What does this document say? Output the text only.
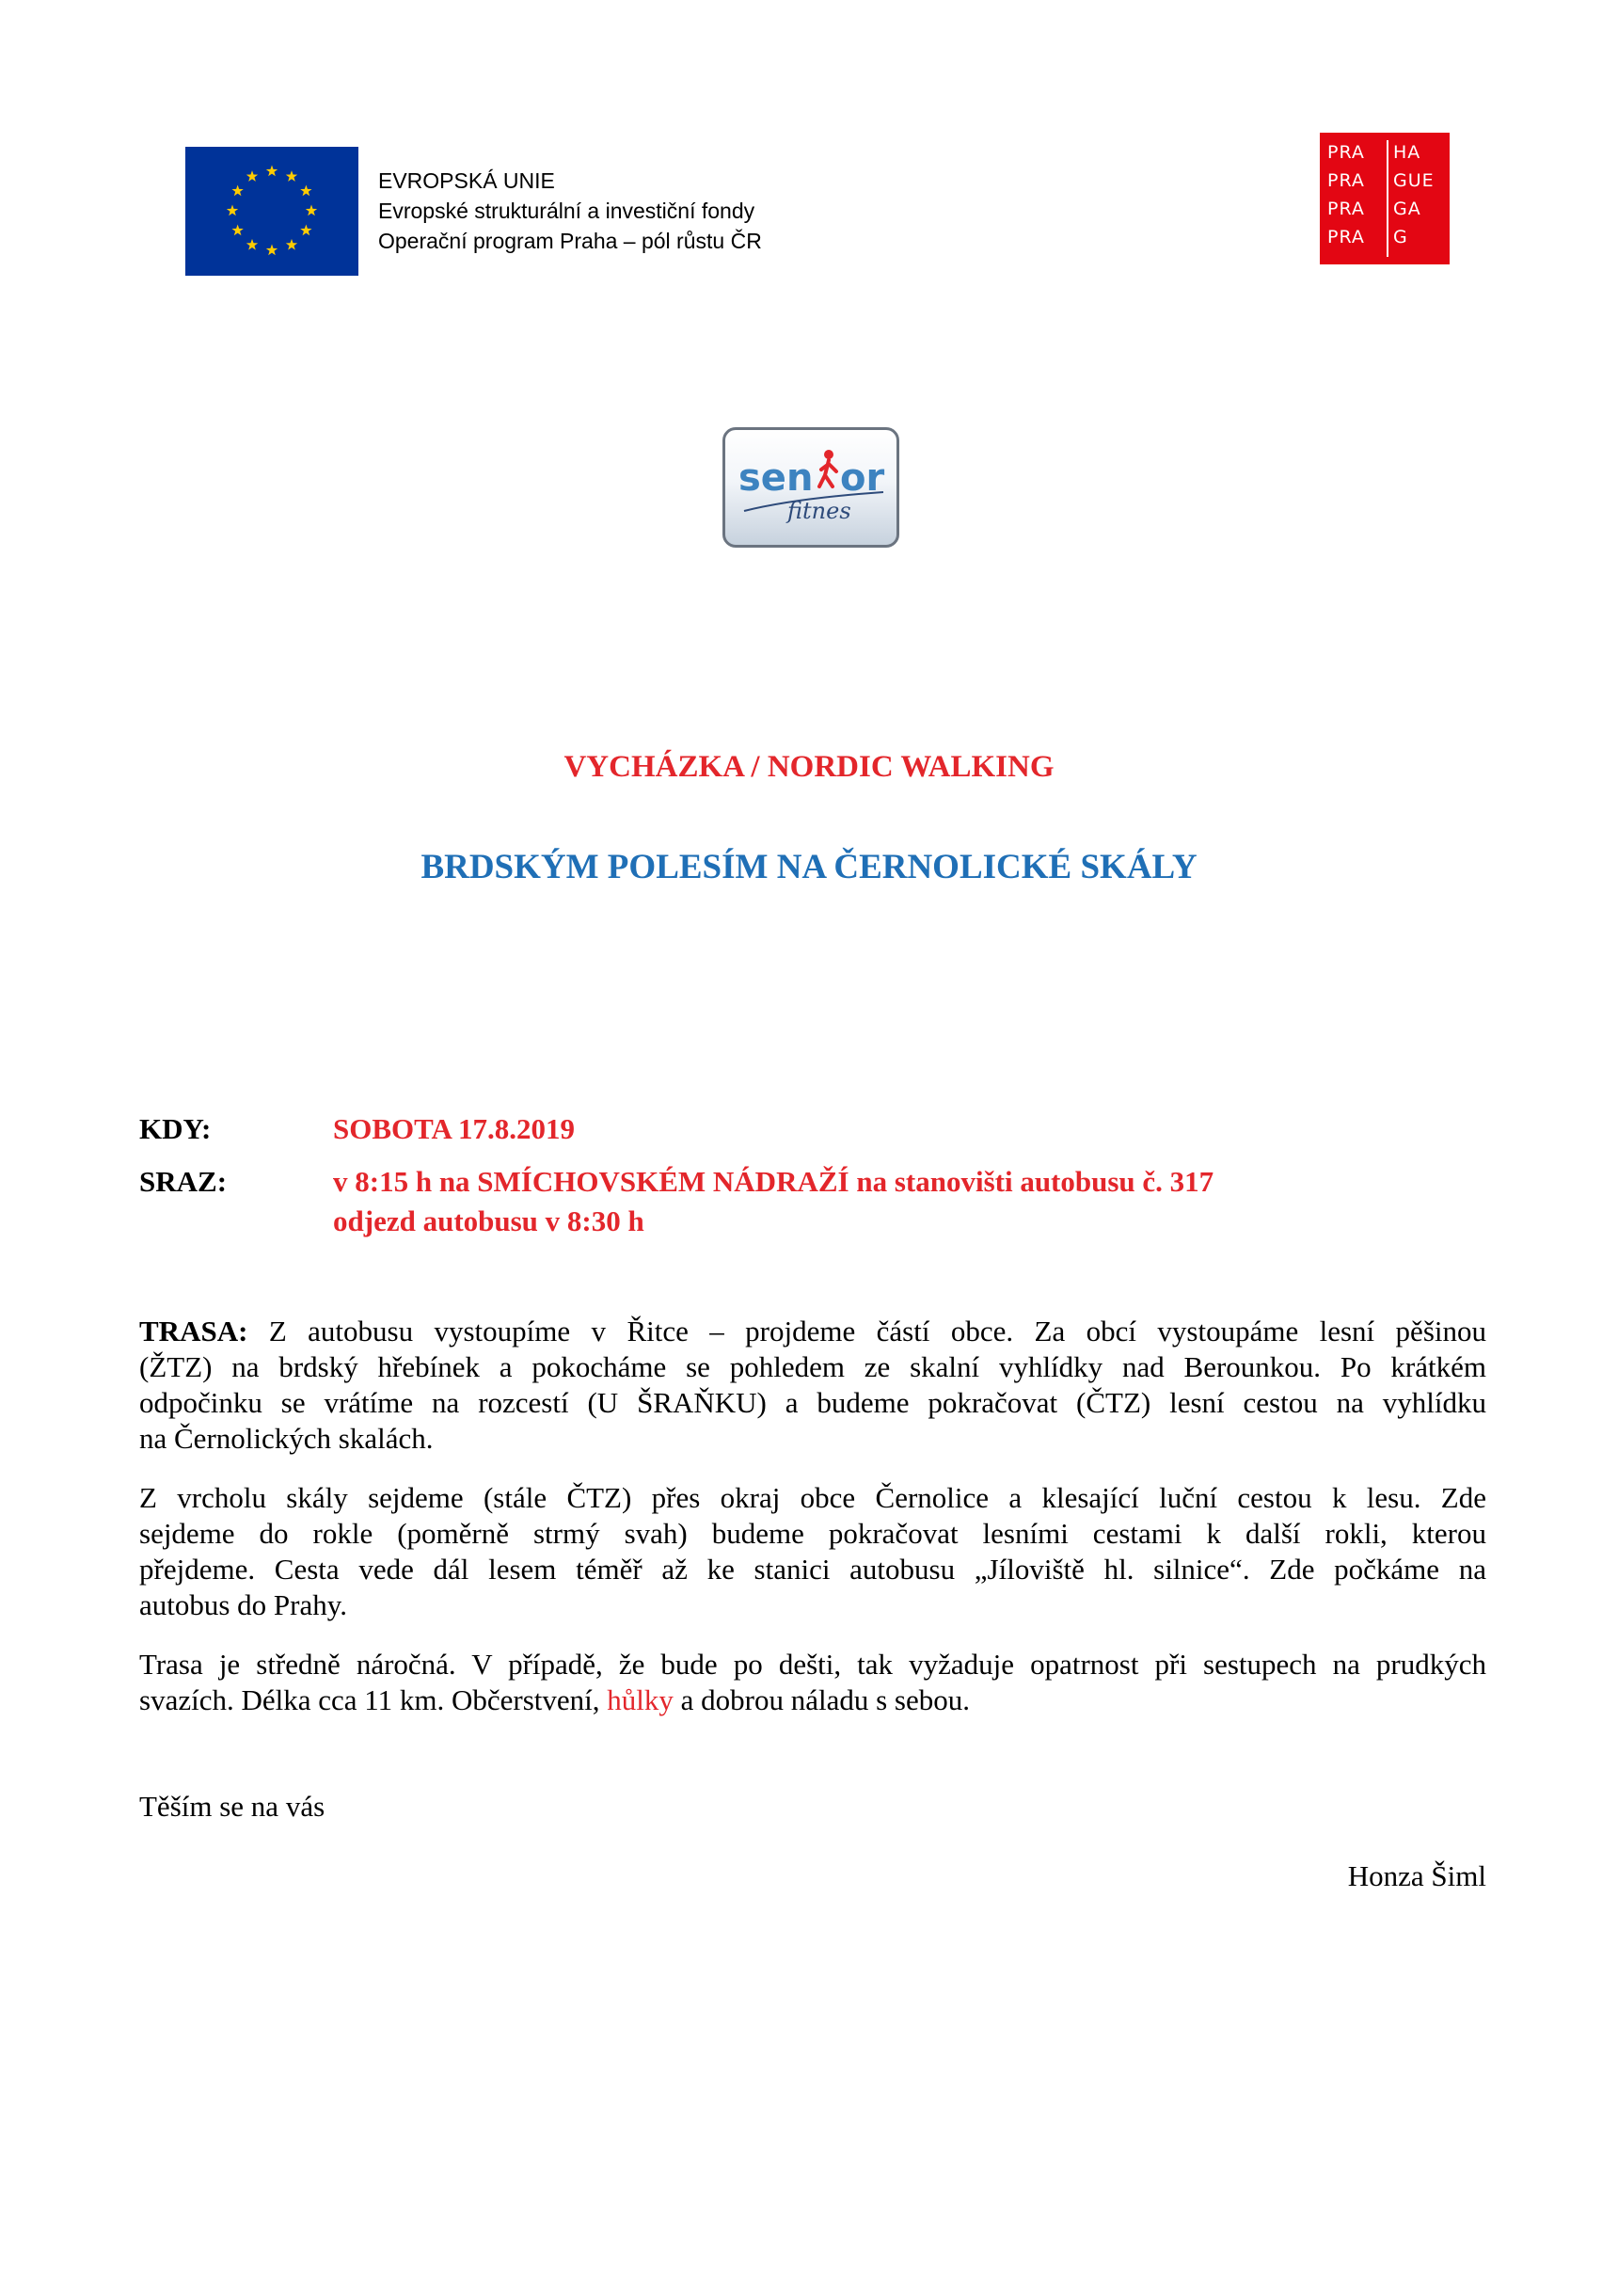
EVROPSKÁ UNIE
Evropské strukturální a investiční fondy
Operační program Praha – pól růstu ČR
PRA HA
PRA GUE
PRA GA
PRA G
sen or
fitnes
VYCHÁZKA / NORDIC WALKING
BRDSKÝM POLESÍM NA ČERNOLICKÉ SKÁLY
KDY:	SOBOTA 17.8.2019
SRAZ:	v 8:15 h na SMÍCHOVSKÉM NÁDRAŽÍ na stanovišti autobusu č. 317
odjezd autobusu v 8:30 h
TRASA: Z autobusu vystoupíme v Řitce – projdeme částí obce. Za obcí vystoupáme lesní pěšinou
(ŽTZ) na brdský hřebínek a pokocháme se pohledem ze skalní vyhlídky nad Berounkou. Po krátkém
odpočinku se vrátíme na rozcestí (U ŠRAŇKU) a budeme pokračovat (ČTZ) lesní cestou na vyhlídku
na Černolických skalách.
Z vrcholu skály sejdeme (stále ČTZ) přes okraj obce Černolice a klesající luční cestou k lesu. Zde
sejdeme do rokle (poměrně strmý svah) budeme pokračovat lesními cestami k další rokli, kterou
přejdeme. Cesta vede dál lesem téměř až ke stanici autobusu „Jíloviště hl. silnice“. Zde počkáme na
autobus do Prahy.
Trasa je středně náročná. V případě, že bude po dešti, tak vyžaduje opatrnost při sestupech na prudkých
svazích. Délka cca 11 km. Občerstvení, hůlky a dobrou náladu s sebou.
Těším se na vás
Honza Šiml
